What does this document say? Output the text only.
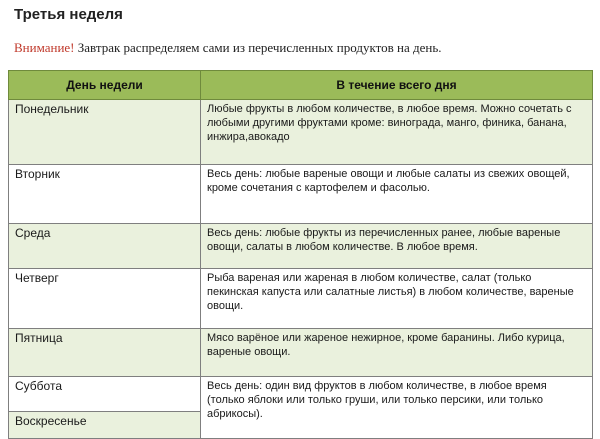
Третья неделя
Внимание! Завтрак распределяем сами из перечисленных продуктов на день.
День недели	В течение всего дня
Понедельник	Любые фрукты в любом количестве, в любое время. Можно сочетать с любыми другими фруктами кроме: винограда, манго, финика, банана, инжира,авокадо
Вторник	Весь день: любые вареные овощи и любые салаты из свежих овощей, кроме сочетания с картофелем и фасолью.
Среда	Весь день: любые фрукты из перечисленных ранее, любые вареные овощи, салаты в любом количестве. В любое время.
Четверг	Рыба вареная или жареная в любом количестве, салат (только пекинская капуста или салатные листья) в любом количестве, вареные овощи.
Пятница	Мясо варёное или жареное нежирное, кроме баранины. Либо курица, вареные овощи.
Суббота	Весь день: один вид фруктов в любом количестве, в любое время (только яблоки или только груши, или только персики, или только абрикосы).
Воскресенье	
